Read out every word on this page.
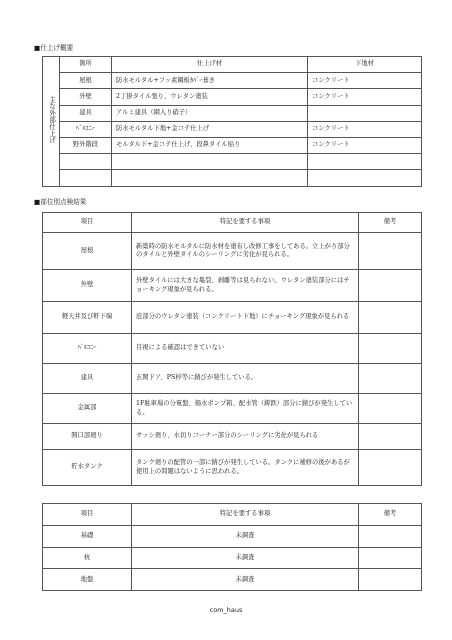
■仕上げ概要
主な外部仕上げ	箇所	仕上げ材	下地材
	屋根	防水モルタル+フッ素鋼板ｶﾊﾞｰ葺き	コンクリート
	外壁	2丁掛タイル張り、ウレタン塗装	コンクリート
	建具	アルミ建具（網入り硝子）	
	ﾍﾞﾙｺﾆｰ	防水モルタル下地+金コテ仕上げ	コンクリート
	野外階段	モルタル下+金コテ仕上げ、段鼻タイル貼り	コンクリート

■部位別点検結果
項目	特記を要する事項	備考
屋根	新築時の防水モルタルに防水材を塗布し改修工事をしてある。立上がり部分のタイルと外壁タイルのシーリングに劣化が見られる。	
外壁	外壁タイルには大きな亀裂、剥離等は見られない。ウレタン塗装部分にはチョーキング現象が見られる。	
軽天井及び軒下端	庇部分のウレタン塗装（コンクリート下地）にチョーキング現象が見られる	
ﾊﾞﾙｺﾆｰ	目視による確認はできていない	
建具	玄関ドア、PS枠等に錆びが発生している。	
金属部	1F駐車場の分電盤、揚水ポンプ箱、配水管（鋳鉄）部分に錆びが発生している。	
開口部廻り	サッシ廻り、水切りコーナー部分のシーリングに劣化が見られる	
貯水タンク	タンク廻りの配管の一部に錆びが発生している。タンクに補修の後があるが使用上の問題はないように思われる。	
項目	特記を要する事項	備考
基礎	未調査	
杭	未調査	
地盤	未調査	
com_haus
